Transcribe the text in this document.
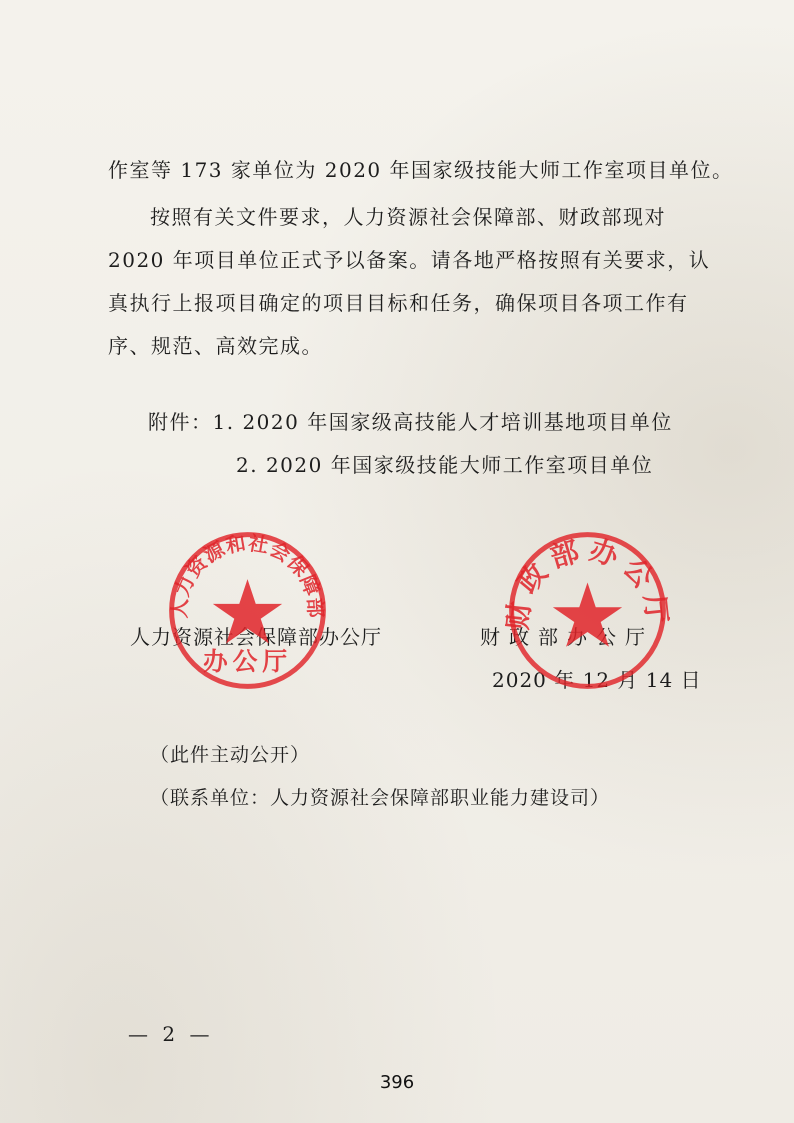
作室等 173 家单位为 2020 年国家级技能大师工作室项目单位。
按照有关文件要求，人力资源社会保障部、财政部现对
2020 年项目单位正式予以备案。请各地严格按照有关要求，认
真执行上报项目确定的项目目标和任务，确保项目各项工作有
序、规范、高效完成。
附件：1. 2020 年国家级高技能人才培训基地项目单位
2. 2020 年国家级技能大师工作室项目单位
人力资源社会保障部办公厅	财政部办公厅
2020 年 12 月 14 日
人力资源和社会保障部
办公厅
政部办公
（此件主动公开）
（联系单位：人力资源社会保障部职业能力建设司）
— 2 —
396
